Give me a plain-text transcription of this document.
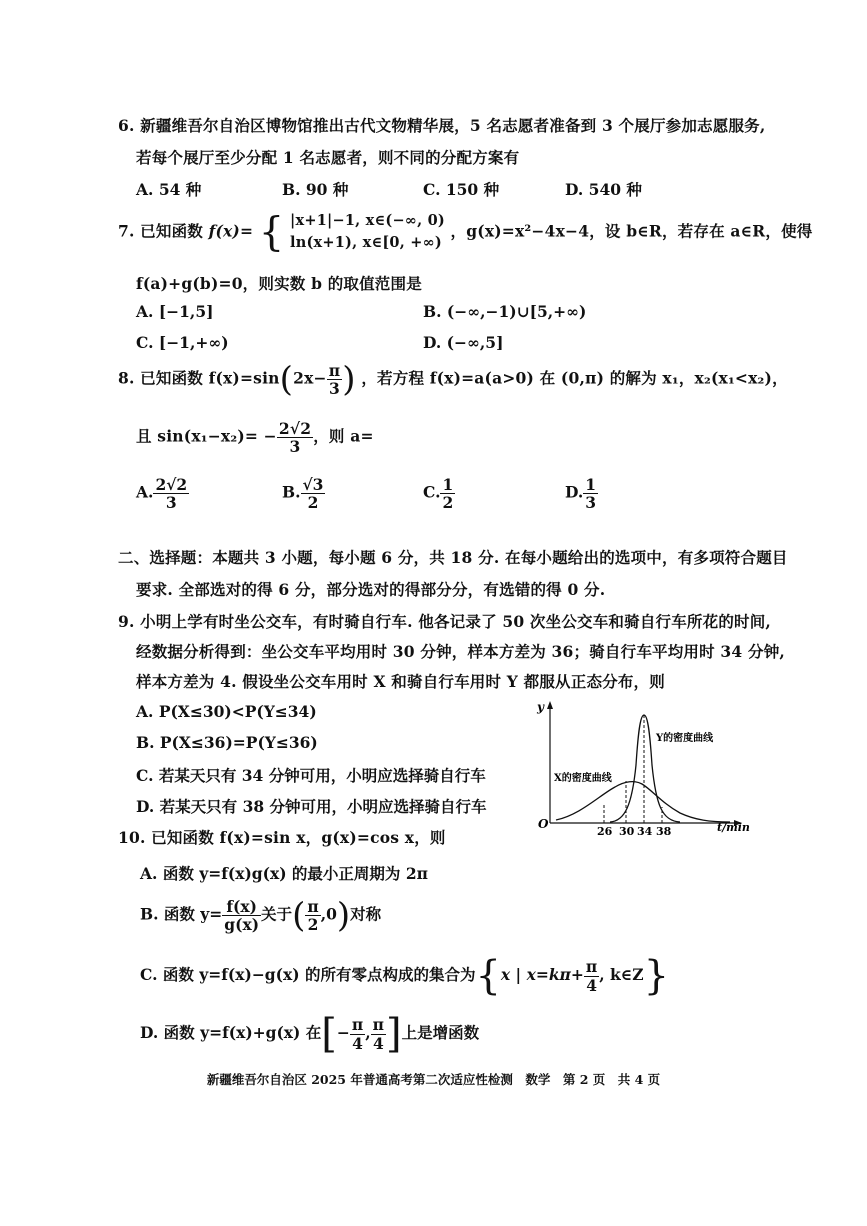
6. 新疆维吾尔自治区博物馆推出古代文物精华展，5 名志愿者准备到 3 个展厅参加志愿服务,
若每个展厅至少分配 1 名志愿者，则不同的分配方案有
A. 54 种	B. 90 种	C. 150 种	D. 540 种
7. 已知函数 f(x)= { |x+1|−1, x∈(−∞, 0)
ln(x+1), x∈[0, +∞)
，g(x)=x²−4x−4，设 b∈R，若存在 a∈R，使得
f(a)+g(b)=0，则实数 b 的取值范围是
A. [−1,5]	B. (−∞,−1)∪[5,+∞)
C. [−1,+∞)	D. (−∞,5]
8. 已知函数 $f(x)=\sin(2x- \frac{\pi}{3}$ ) ，若方程 f(x)=a(a>0) 在 (0,π) 的解为 x₁，x₂(x₁<x₂)，
且 $\sin(x_1-x_2)= - \frac{2√2}{3}$ ，则 a=
A. $\frac{2√2}{3}$	B. $\frac{√3}{2}$	C. $\frac{1}{2}$	D. $\frac{1}{3}$
二、选择题：本题共 3 小题，每小题 6 分，共 18 分. 在每小题给出的选项中，有多项符合题目
要求. 全部选对的得 6 分，部分选对的得部分分，有选错的得 0 分.
9. 小明上学有时坐公交车，有时骑自行车. 他各记录了 50 次坐公交车和骑自行车所花的时间,
经数据分析得到：坐公交车平均用时 30 分钟，样本方差为 36；骑自行车平均用时 34 分钟,
样本方差为 4. 假设坐公交车用时 X 和骑自行车用时 Y 都服从正态分布，则
A. P(X≤30)<P(Y≤34)
B. P(X≤36)=P(Y≤36)
C. 若某天只有 34 分钟可用，小明应选择骑自行车
D. 若某天只有 38 分钟可用，小明应选择骑自行车
y
O	t/min
26 30 34 38
Y的密度曲线
X的密度曲线
10. 已知函数 f(x)=sin x，g(x)=cos x，则
A. 函数 y=f(x)g(x) 的最小正周期为 2π
B. 函数 $y= \frac{f(x)}{g(x)}$ 关于( $\frac{\pi}{2} ,0$)对称
C. 函数 y=f(x)−g(x) 的所有零点构成的集合为{x | $x=k\pi+ \frac{\pi}{4}$ , k∈Z}
D. 函数 y=f(x)+g(x) 在[− $\frac{\pi}{4}$ , $\frac{\pi}{4}$ ]上是增函数
新疆维吾尔自治区 2025 年普通高考第二次适应性检测　数学　第 2 页　共 4 页
